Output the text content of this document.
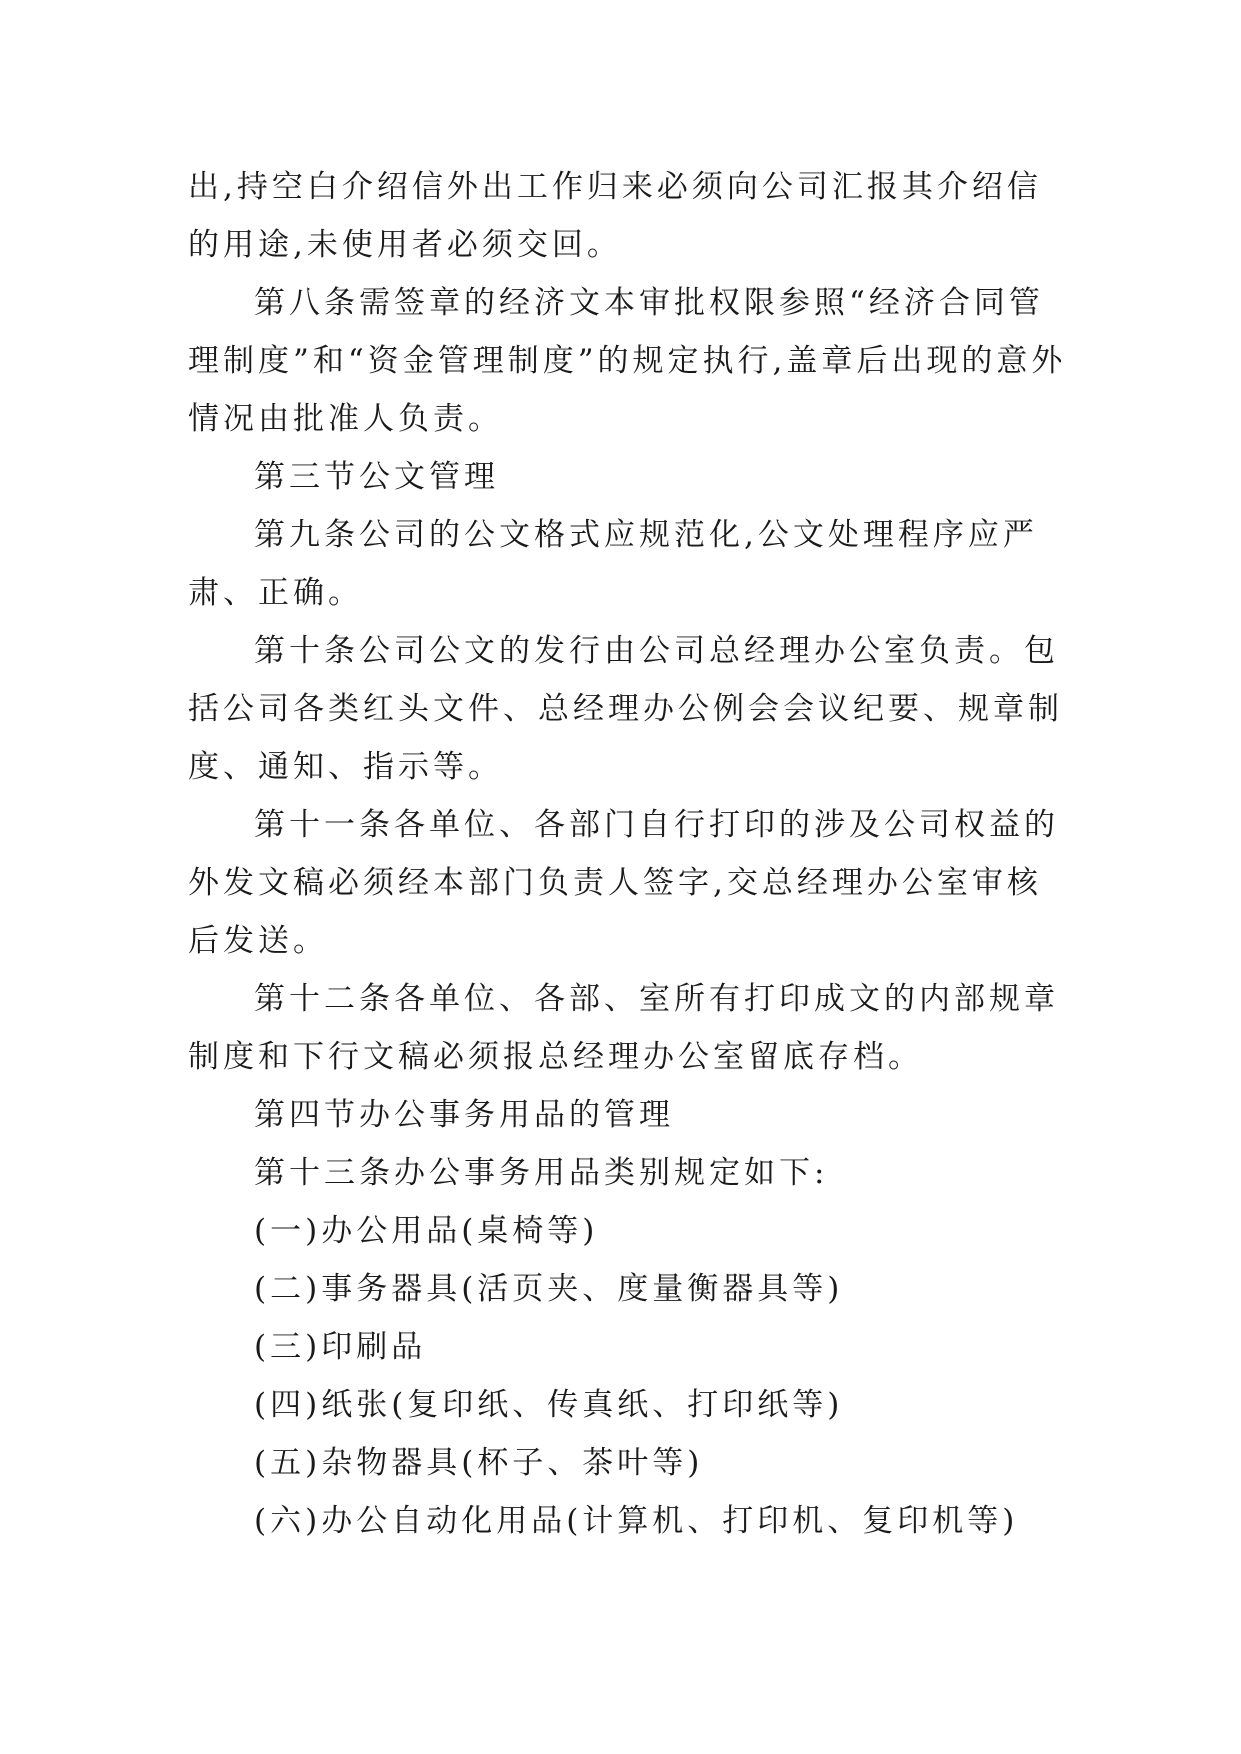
出,持空白介绍信外出工作归来必须向公司汇报其介绍信的用途,未使用者必须交回。

第八条需签章的经济文本审批权限参照“经济合同管理制度”和“资金管理制度”的规定执行,盖章后出现的意外情况由批准人负责。

第三节公文管理

第九条公司的公文格式应规范化,公文处理程序应严肃、正确。

第十条公司公文的发行由公司总经理办公室负责。包括公司各类红头文件、总经理办公例会会议纪要、规章制度、通知、指示等。

第十一条各单位、各部门自行打印的涉及公司权益的外发文稿必须经本部门负责人签字,交总经理办公室审核后发送。

第十二条各单位、各部、室所有打印成文的内部规章制度和下行文稿必须报总经理办公室留底存档。

第四节办公事务用品的管理

第十三条办公事务用品类别规定如下:

(一)办公用品(桌椅等)

(二)事务器具(活页夹、度量衡器具等)

(三)印刷品

(四)纸张(复印纸、传真纸、打印纸等)

(五)杂物器具(杯子、茶叶等)

(六)办公自动化用品(计算机、打印机、复印机等)
